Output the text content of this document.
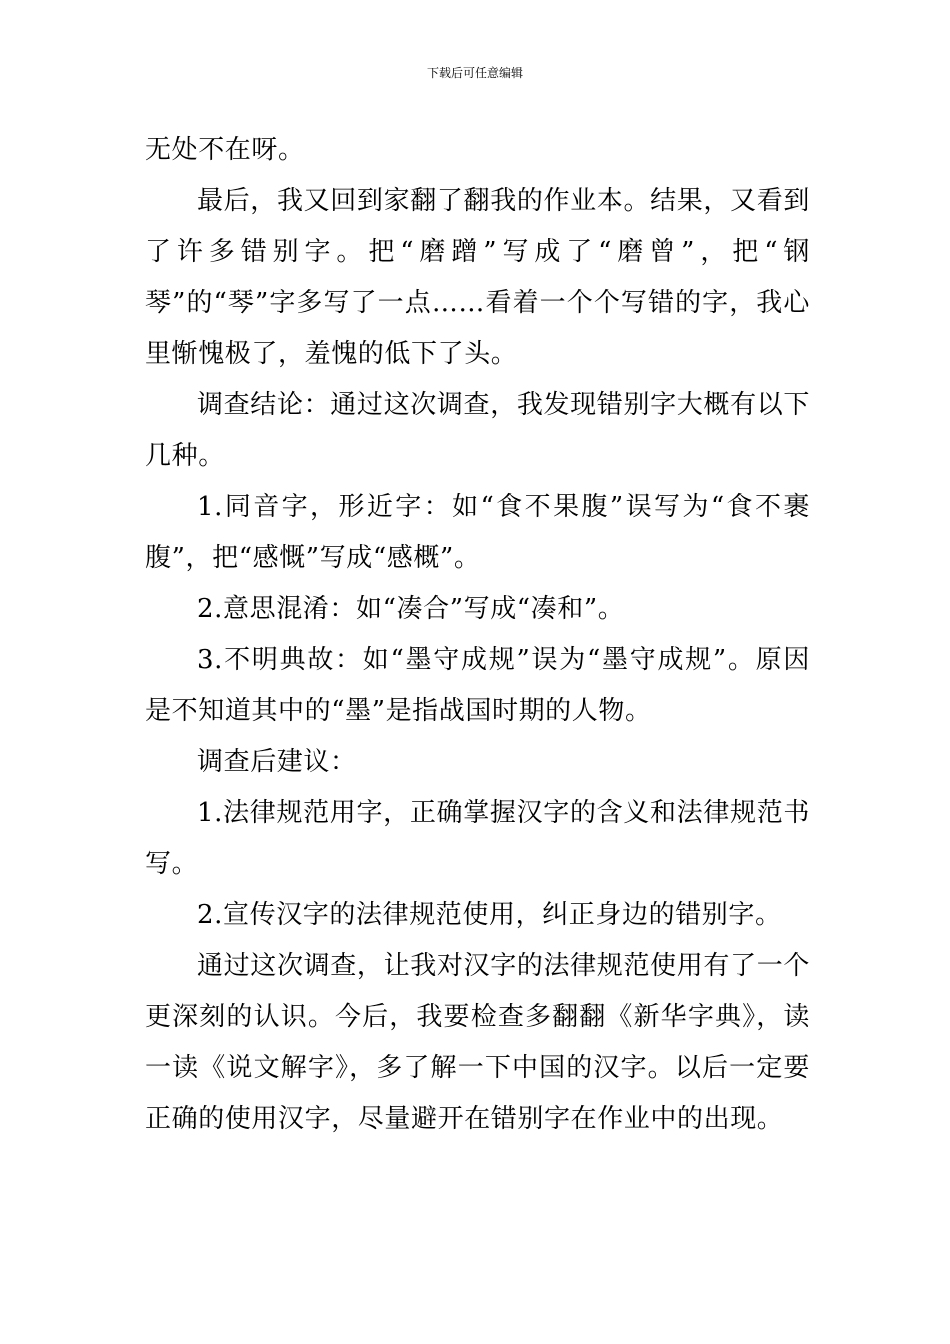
下载后可任意编辑

无处不在呀。

最后，我又回到家翻了翻我的作业本。结果，又看到了许多错别字。把“磨蹭”写成了“磨曾”，把“钢琴”的“琴”字多写了一点……看着一个个写错的字，我心里惭愧极了，羞愧的低下了头。

调查结论：通过这次调查，我发现错别字大概有以下几种。

1.同音字，形近字：如“食不果腹”误写为“食不裹腹”，把“感慨”写成“感概”。

2.意思混淆：如“凑合”写成“凑和”。

3.不明典故：如“墨守成规”误为“墨守成规”。原因是不知道其中的“墨”是指战国时期的人物。

调查后建议：

1.法律规范用字，正确掌握汉字的含义和法律规范书写。

2.宣传汉字的法律规范使用，纠正身边的错别字。

通过这次调查，让我对汉字的法律规范使用有了一个更深刻的认识。今后，我要检查多翻翻《新华字典》，读一读《说文解字》，多了解一下中国的汉字。以后一定要正确的使用汉字，尽量避开在错别字在作业中的出现。
